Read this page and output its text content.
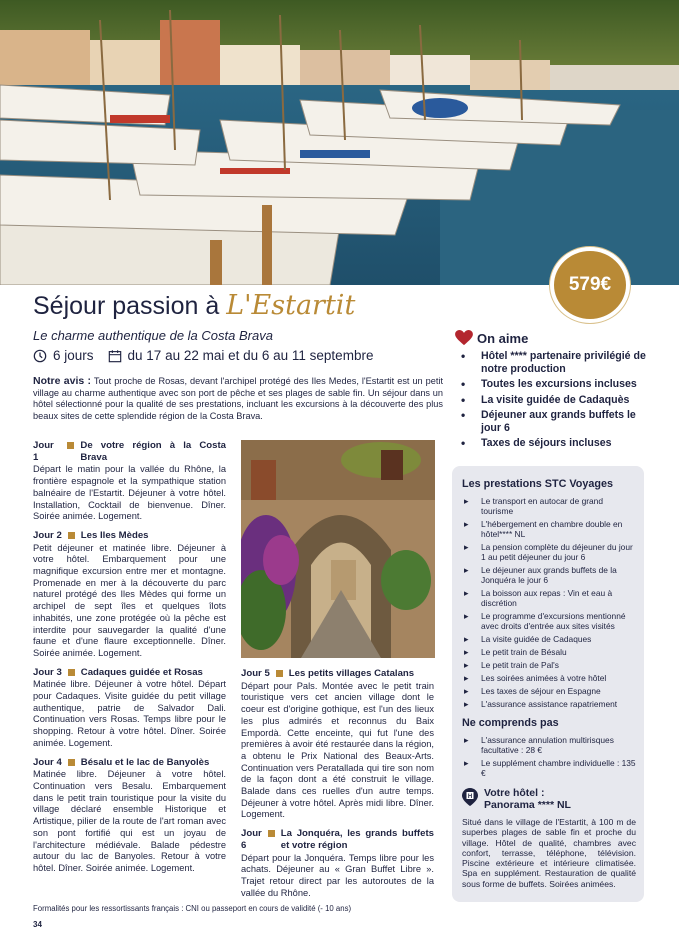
579€
Séjour passion à L'Estartit
Le charme authentique de la Costa Brava
6 jours	du 17 au 22 mai et du 6 au 11 septembre
Notre avis : Tout proche de Rosas, devant l'archipel protégé des Iles Medes, l'Estartit est un petit village au charme authentique avec son port de pêche et ses plages de sable fin. Un séjour dans un hôtel sélectionné pour la qualité de ses prestations, incluant les excursions à la découverte des plus beaux sites de cette splendide région de la Costa Brava.
On aime
• Hôtel **** partenaire privilégié de notre production
• Toutes les excursions incluses
• La visite guidée de Cadaquès
• Déjeuner aux grands buffets le jour 6
• Taxes de séjours incluses
Jour 1
De votre région à la Costa Brava
Départ le matin pour la vallée du Rhône, la frontière espagnole et la sympathique station balnéaire de l'Estartit. Déjeuner à votre hôtel. Installation, Cocktail de bienvenue. Dîner. Soirée animée. Logement.
Jour 2 Les Iles Mèdes
Petit déjeuner et matinée libre. Déjeuner à votre hôtel. Embarquement pour une magnifique excursion entre mer et montagne. Promenade en mer à la découverte du parc naturel protégé des Iles Mèdes qui forme un archipel de sept îles et quelques îlots inhabités, une zone protégée où la pêche est interdite pour sauvegarder la qualité d'une faune et d'une flaure exceptionnelle. Dîner. Soirée animée. Logement.
Jour 3 Cadaques guidée et Rosas
Matinée libre. Déjeuner à votre hôtel. Départ pour Cadaques. Visite guidée du petit village authentique, patrie de Salvador Dali. Continuation vers Rosas. Temps libre pour le shopping. Retour à votre hôtel. Dîner. Soirée animée. Logement.
Jour 4 Bésalu et le lac de Banyolès
Matinée libre. Déjeuner à votre hôtel. Continuation vers Besalu. Embarquement dans le petit train touristique pour la visite du village déclaré ensemble Historique et Artistique, pilier de la route de l'art roman avec son pont fortifié qui est un joyau de l'architecture médiévale. Balade pédestre autour du lac de Banyoles. Retour à votre hôtel. Dîner. Soirée animée. Logement.
Jour 5 Les petits villages Catalans
Départ pour Pals. Montée avec le petit train touristique vers cet ancien village dont le coeur est d'origine gothique, est l'un des lieux les plus admirés et reconnus du Baix Empordà. Cette enceinte, qui fut l'une des premières à avoir été restaurée dans la région, a obtenu le Prix National des Beaux-Arts. Continuation vers Peratallada qui tire son nom de la façon dont a été construit le village. Balade dans ces ruelles d'un autre temps. Déjeuner à votre hôtel. Après midi libre. Dîner. Logement.
Jour 6
La Jonquéra, les grands buffets et votre région
Départ pour la Jonquéra. Temps libre pour les achats. Déjeuner au « Gran Buffet Libre ». Trajet retour direct par les autoroutes de la vallée du Rhône.
Les prestations STC Voyages
▸ Le transport en autocar de grand tourisme
▸ L'hébergement en chambre double en hôtel**** NL
▸ La pension complète du déjeuner du jour 1 au petit déjeuner du jour 6
▸ Le déjeuner aux grands buffets de la Jonquéra le jour 6
▸ La boisson aux repas : Vin et eau à discrétion
▸ Le programme d'excursions mentionné avec droits d'entrée aux sites visités
▸ La visite guidée de Cadaques
▸ Le petit train de Bésalu
▸ Le petit train de Pal's
▸ Les soirées animées à votre hôtel
▸ Les taxes de séjour en Espagne
▸ L'assurance assistance rapatriement
Ne comprends pas
▸ L'assurance annulation multirisques facultative : 28 €
▸ Le supplément chambre individuelle : 135 €
H Votre hôtel :
Panorama **** NL
Situé dans le village de l'Estartit, à 100 m de superbes plages de sable fin et proche du village. Hôtel de qualité, chambres avec confort, terrasse, téléphone, télévision. Piscine extérieure et intérieure climatisée. Spa en supplément. Restauration de qualité sous forme de buffets. Soirées animées.
Formalités pour les ressortissants français : CNI ou passeport en cours de validité (- 10 ans)
34
